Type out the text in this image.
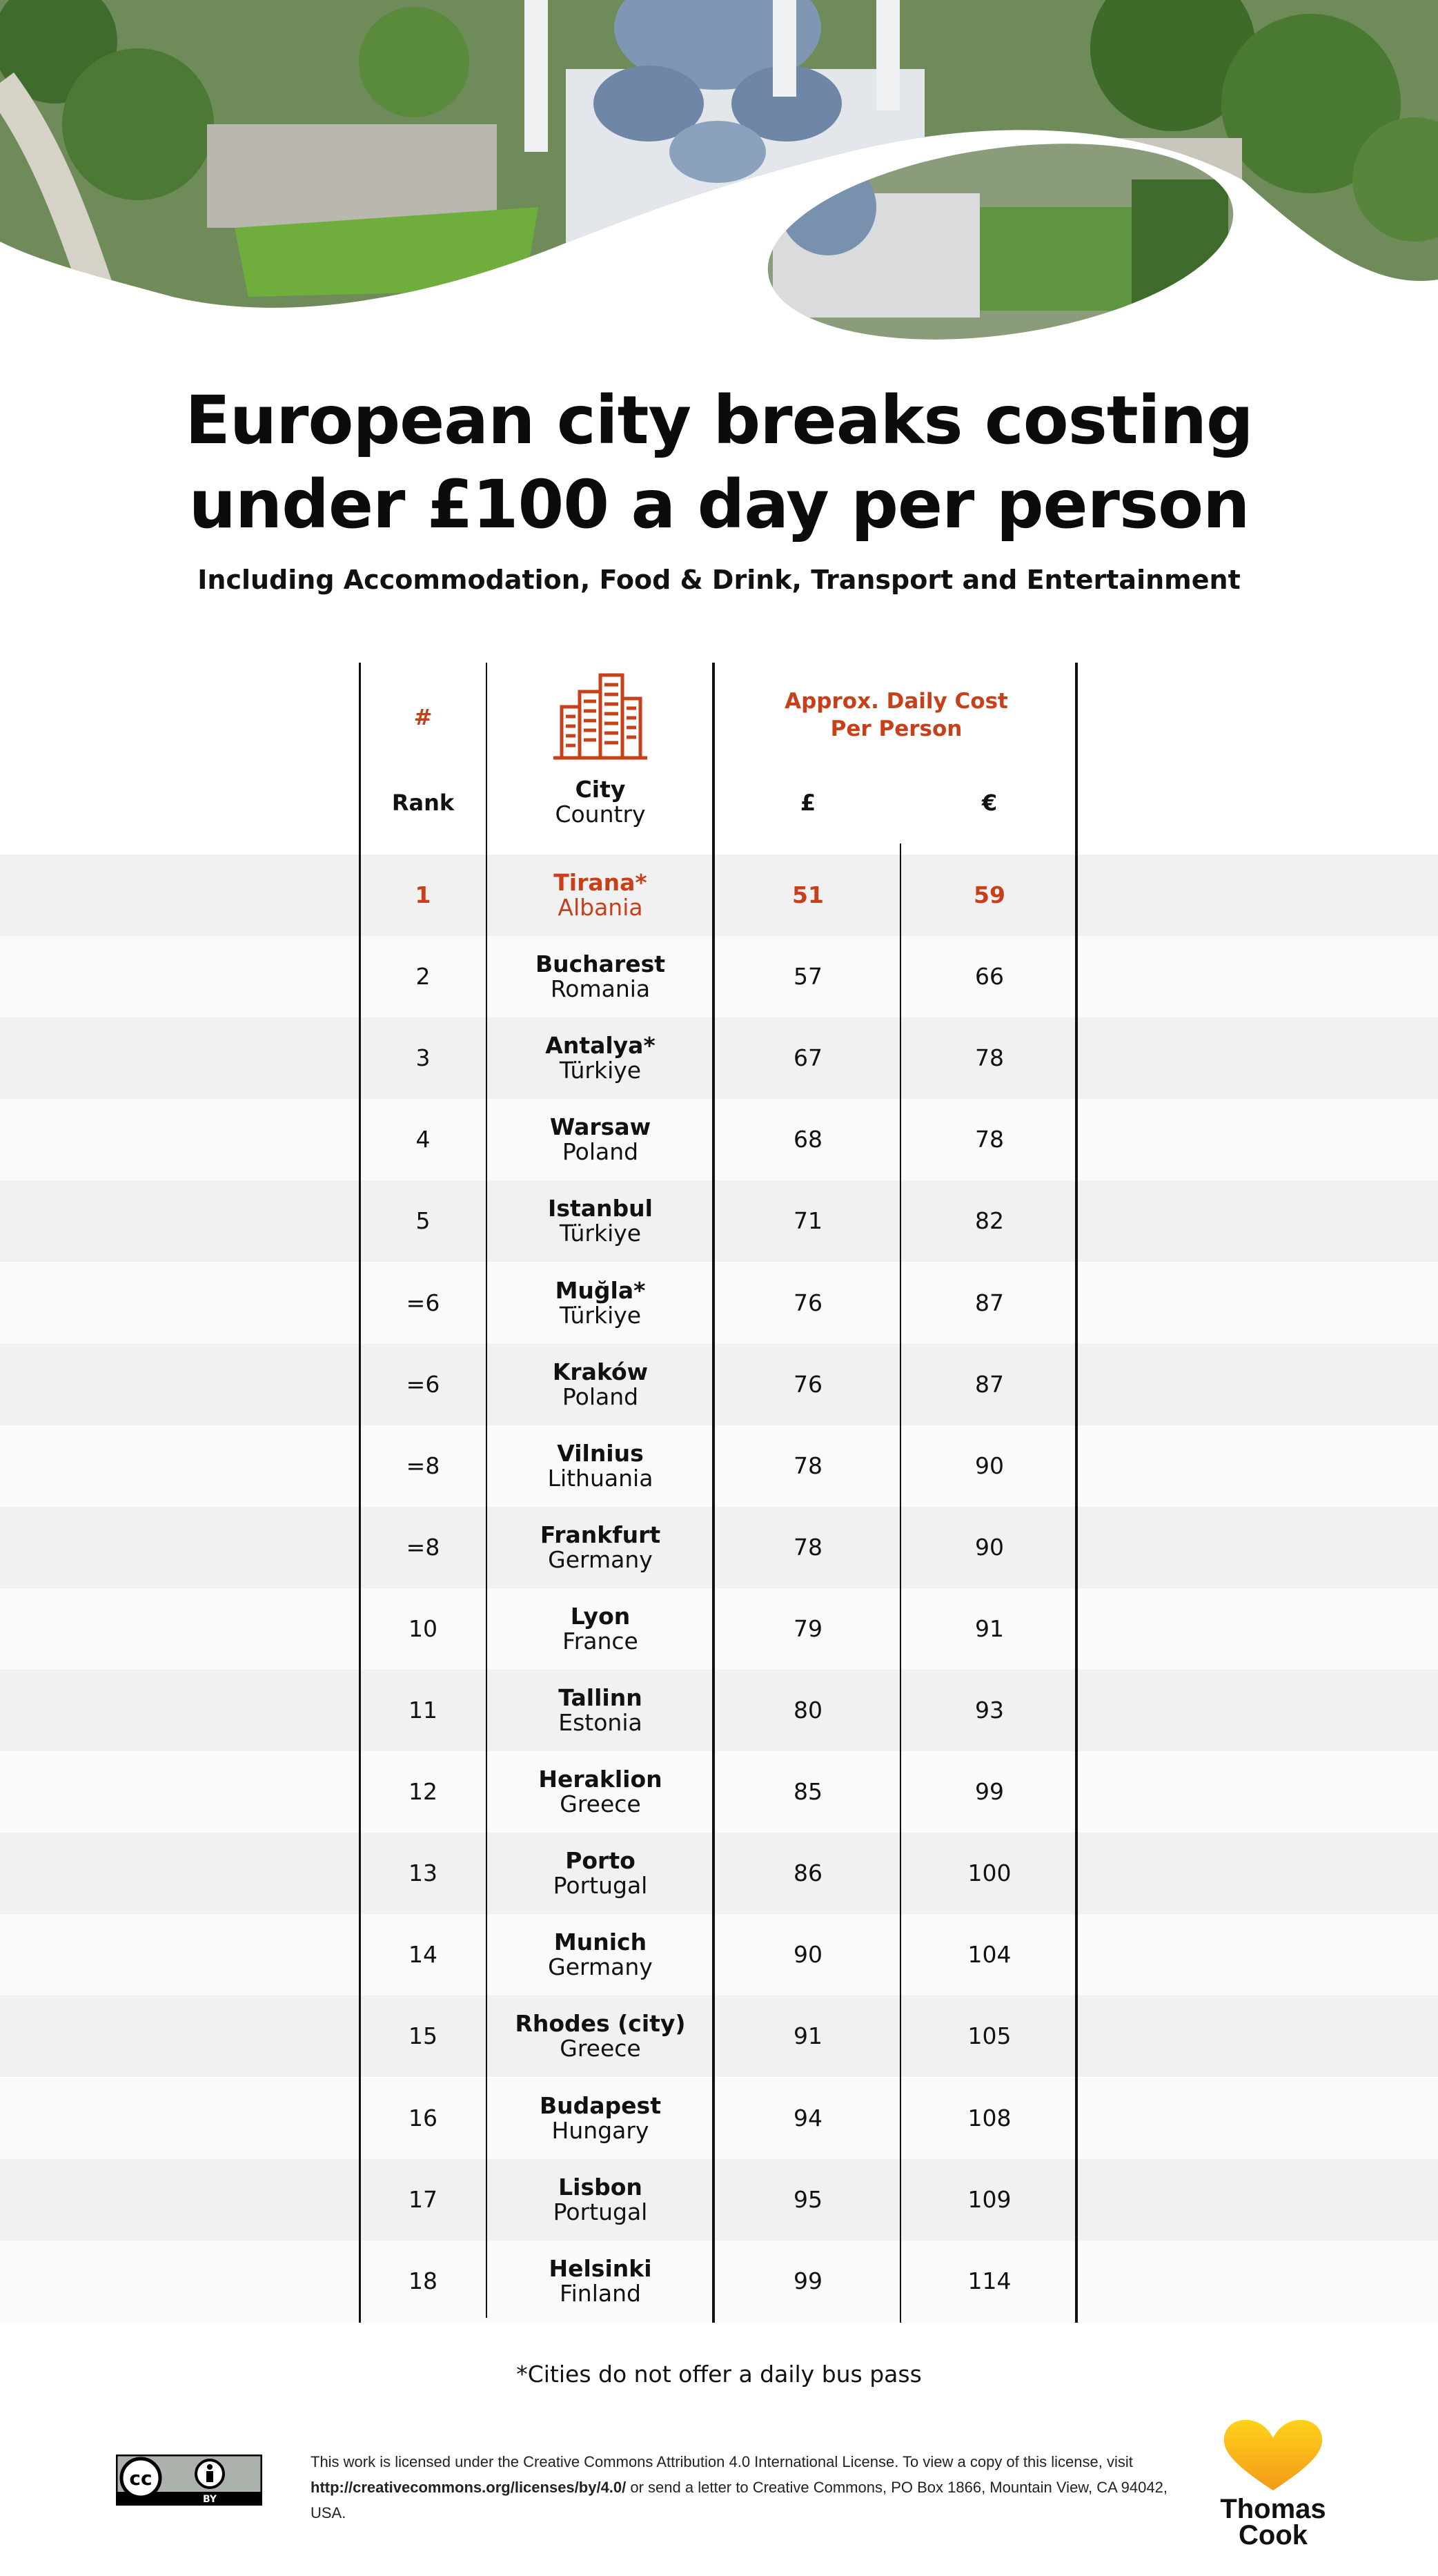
European city breaks costing
under £100 a day per person
Including Accommodation, Food & Drink, Transport and Entertainment
1	Tirana*
Albania	51	59
2	Bucharest
Romania	57	66
3	Antalya*
Türkiye	67	78
4	Warsaw
Poland	68	78
5	Istanbul
Türkiye	71	82
=6	Muğla*
Türkiye	76	87
=6	Kraków
Poland	76	87
=8	Vilnius
Lithuania	78	90
=8	Frankfurt
Germany	78	90
10	Lyon
France	79	91
11	Tallinn
Estonia	80	93
12	Heraklion
Greece	85	99
13	Porto
Portugal	86	100
14	Munich
Germany	90	104
15	Rhodes (city)
Greece	91	105
16	Budapest
Hungary	94	108
17	Lisbon
Portugal	95	109
18	Helsinki
Finland	99	114
#
Approx. Daily Cost
Per Person
Rank	City
Country	£	€
*Cities do not offer a daily bus pass
cc
BY
This work is licensed under the Creative Commons Attribution 4.0 International License. To view a copy of this license, visit http://creativecommons.org/licenses/by/4.0/ or send a letter to Creative Commons, PO Box 1866, Mountain View, CA 94042, USA.	Thomas
Cook
